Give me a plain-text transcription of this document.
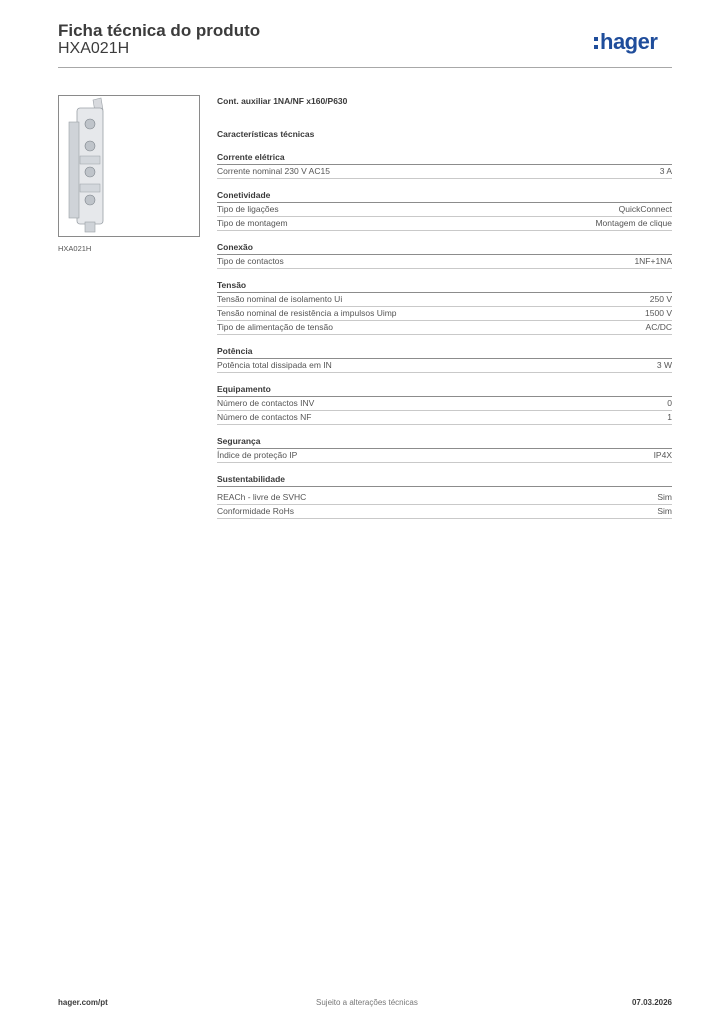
Ficha técnica do produto
HXA021H	hager
HXA021H
Cont. auxiliar 1NA/NF x160/P630
Características técnicas
Corrente elétrica
Corrente nominal 230 V AC15	3 A
Conetividade
Tipo de ligações	QuickConnect
Tipo de montagem	Montagem de clique
Conexão
Tipo de contactos	1NF+1NA
Tensão
Tensão nominal de isolamento Ui	250 V
Tensão nominal de resistência a impulsos Uimp	1500 V
Tipo de alimentação de tensão	AC/DC
Potência
Potência total dissipada em IN	3 W
Equipamento
Número de contactos INV	0
Número de contactos NF	1
Segurança
Índice de proteção IP	IP4X
Sustentabilidade
REACh - livre de SVHC	Sim
Conformidade RoHs	Sim
hager.com/pt	Sujeito a alterações técnicas	07.03.2026
